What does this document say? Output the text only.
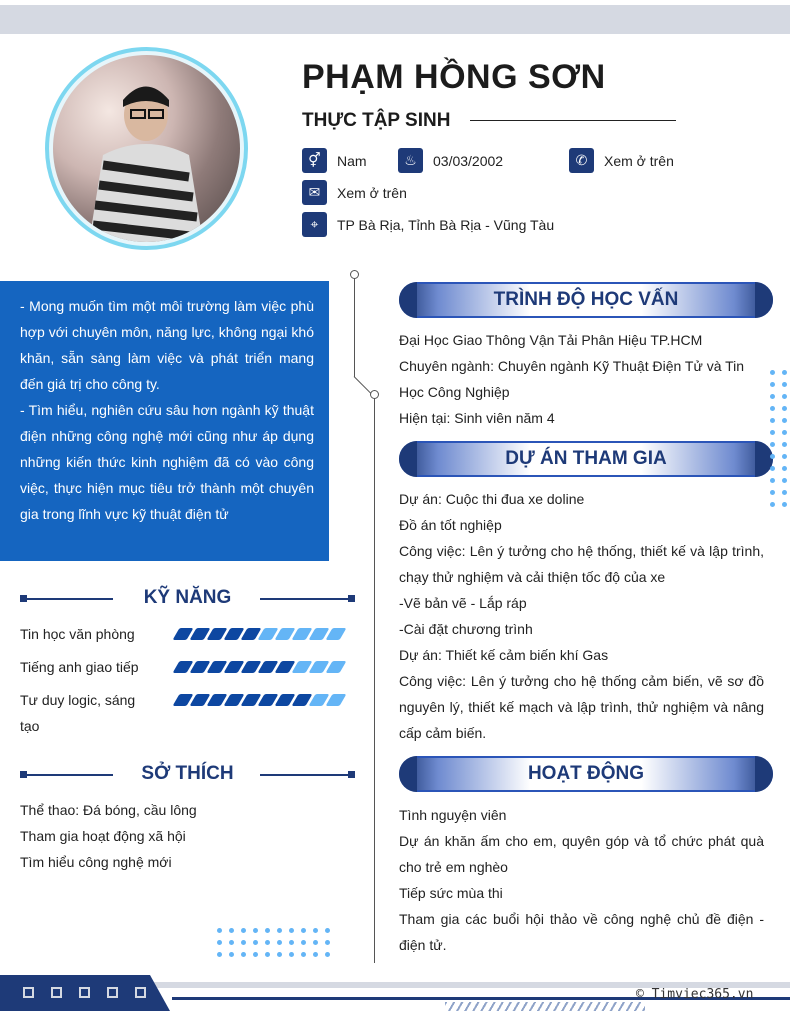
PHẠM HỒNG SƠN
THỰC TẬP SINH
⚥	Nam	♨	03/03/2002	✆	Xem ở trên
✉	Xem ở trên
⌖	TP Bà Rịa, Tỉnh Bà Rịa - Vũng Tàu

- Mong muốn tìm một môi trường làm việc phù hợp với chuyên môn, năng lực, không ngại khó khăn, sẵn sàng làm việc và phát triển mang đến giá trị cho công ty.

- Tìm hiểu, nghiên cứu sâu hơn ngành kỹ thuật điện những công nghệ mới cũng như áp dụng những kiến thức kinh nghiệm đã có vào công việc, thực hiện mục tiêu trở thành một chuyên gia trong lĩnh vực kỹ thuật điện tử

KỸ NĂNG
Tin học văn phòng
Tiếng anh giao tiếp
Tư duy logic, sáng tạo
SỞ THÍCH
Thể thao: Đá bóng, cầu lông
Tham gia hoạt động xã hội
Tìm hiểu công nghệ mới
TRÌNH ĐỘ HỌC VẤN
Đại Học Giao Thông Vận Tải Phân Hiệu TP.HCM
Chuyên ngành: Chuyên ngành Kỹ Thuật Điện Tử và Tin Học Công Nghiệp
Hiện tại: Sinh viên năm 4
DỰ ÁN THAM GIA
Dự án: Cuộc thi đua xe doline
Đồ án tốt nghiệp
Công việc: Lên ý tưởng cho hệ thống, thiết kế và lập trình, chạy thử nghiệm và cải thiện tốc độ của xe
-Vẽ bản vẽ - Lắp ráp
-Cài đặt chương trình
Dự án: Thiết kế cảm biến khí Gas
Công việc: Lên ý tưởng cho hệ thống cảm biến, vẽ sơ đồ nguyên lý, thiết kế mạch và lập trình, thử nghiệm và nâng cấp cảm biến.
HOẠT ĐỘNG
Tình nguyện viên
Dự án khăn ấm cho em, quyên góp và tổ chức phát quà cho trẻ em nghèo
Tiếp sức mùa thi
Tham gia các buổi hội thảo về công nghệ chủ đề điện - điện tử.
© Timviec365.vn
